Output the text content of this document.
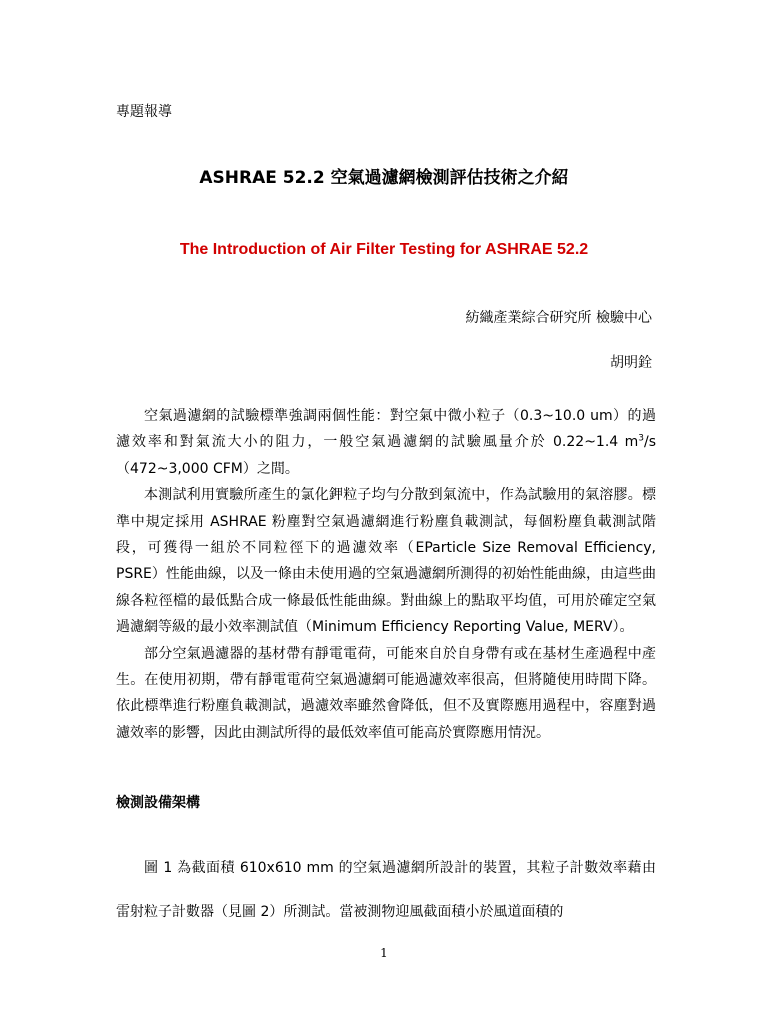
專題報導
ASHRAE 52.2 空氣過濾網檢測評估技術之介紹
The Introduction of Air Filter Testing for ASHRAE 52.2
紡織產業綜合研究所 檢驗中心
胡明銓

空氣過濾網的試驗標準強調兩個性能：對空氣中微小粒子（0.3~10.0 um）的過濾效率和對氣流大小的阻力，一般空氣過濾網的試驗風量介於 0.22~1.4 $m^3/s(472\sim 3,000$ CFM）之間。

本測試利用實驗所產生的氯化鉀粒子均勻分散到氣流中，作為試驗用的氣溶膠。標準中規定採用 ASHRAE 粉塵對空氣過濾網進行粉塵負載測試，每個粉塵負載測試階段，可獲得一組於不同粒徑下的過濾效率（EParticle Size Removal Efficiency, PSRE）性能曲線，以及一條由未使用過的空氣過濾網所測得的初始性能曲線，由這些曲線各粒徑檔的最低點合成一條最低性能曲線。對曲線上的點取平均值，可用於確定空氣過濾網等級的最小效率測試值（Minimum Efficiency Reporting Value, MERV）。

部分空氣過濾器的基材帶有靜電電荷，可能來自於自身帶有或在基材生產過程中產生。在使用初期，帶有靜電電荷空氣過濾網可能過濾效率很高，但將隨使用時間下降。依此標準進行粉塵負載測試，過濾效率雖然會降低，但不及實際應用過程中，容塵對過濾效率的影響，因此由測試所得的最低效率值可能高於實際應用情況。

檢測設備架構

圖 1 為截面積 610x610 mm 的空氣過濾網所設計的裝置，其粒子計數效率藉由雷射粒子計數器（見圖 2）所測試。當被測物迎風截面積小於風道面積的

1
